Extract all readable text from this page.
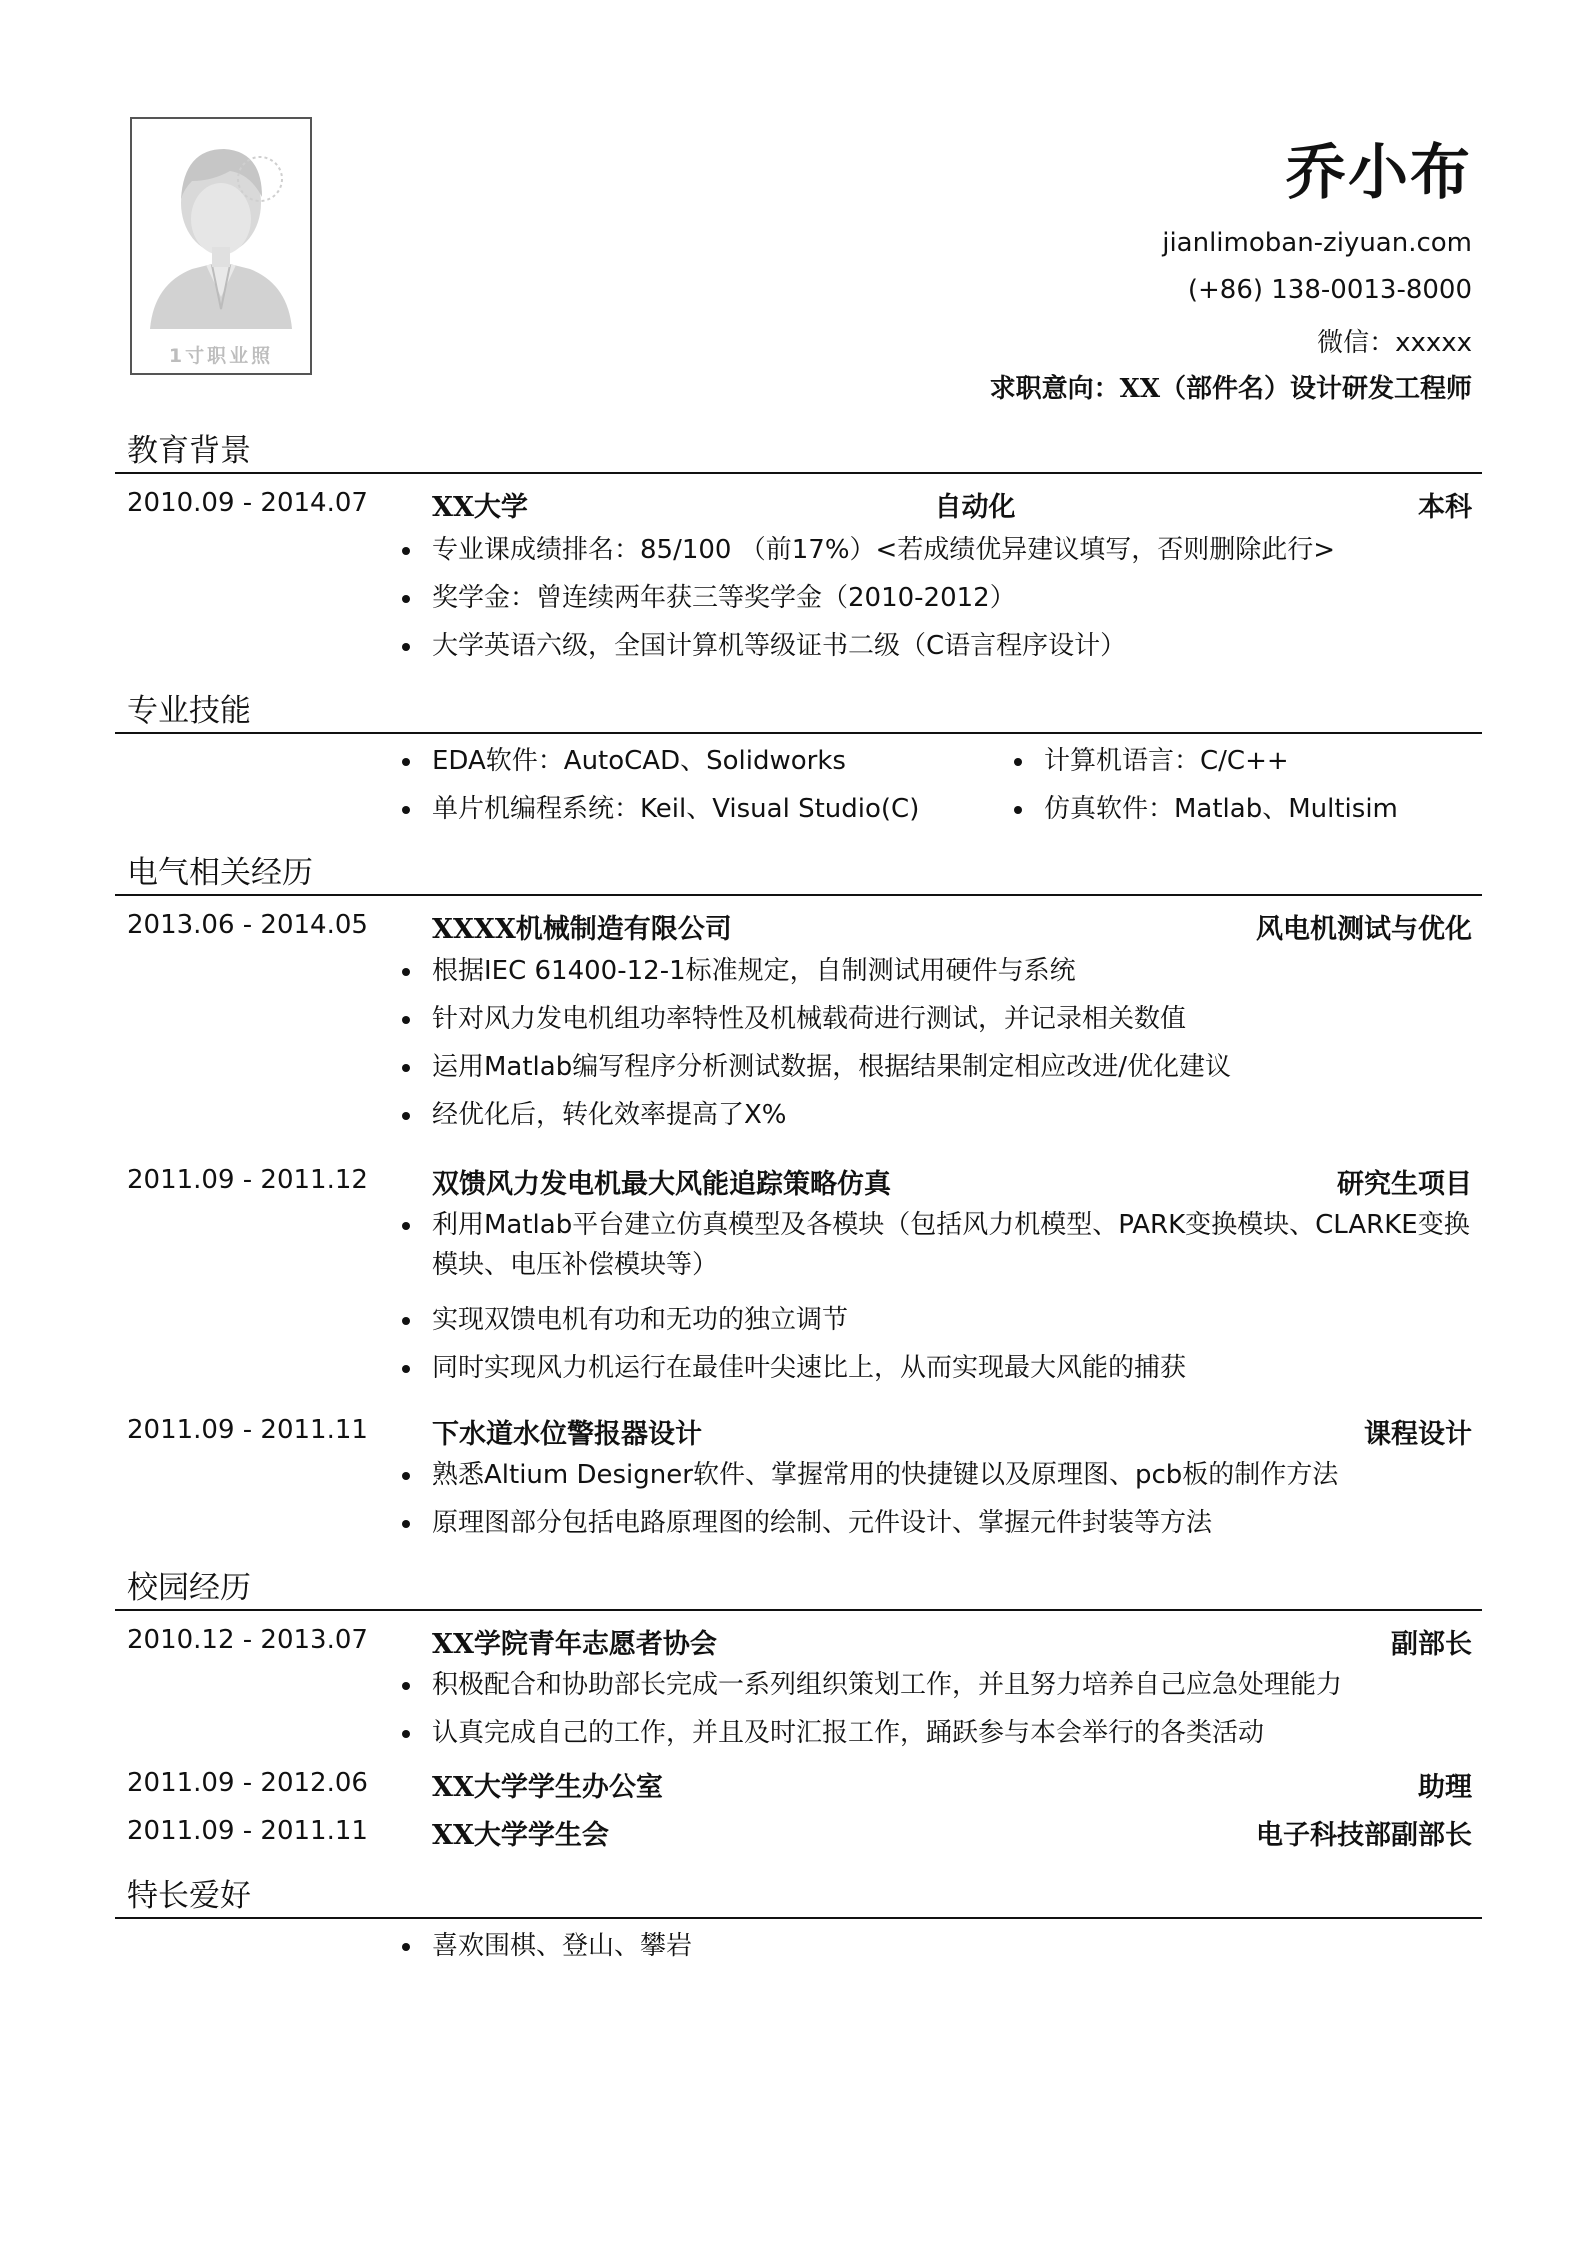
1寸职业照
乔小布
jianlimoban-ziyuan.com
(+86) 138-0013-8000
微信：xxxxx
求职意向：XX（部件名）设计研发工程师
教育背景
2010.09 - 2014.07 XX大学	自动化	本科
专业课成绩排名：85/100 （前17%）<若成绩优异建议填写，否则删除此行>
奖学金：曾连续两年获三等奖学金（2010-2012）
大学英语六级，全国计算机等级证书二级（C语言程序设计）
专业技能
EDA软件：AutoCAD、Solidworks	计算机语言：C/C++
单片机编程系统：Keil、Visual Studio(C)	仿真软件：Matlab、Multisim
电气相关经历
2013.06 - 2014.05 XXXX机械制造有限公司	风电机测试与优化
根据IEC 61400-12-1标准规定，自制测试用硬件与系统
针对风力发电机组功率特性及机械载荷进行测试，并记录相关数值
运用Matlab编写程序分析测试数据，根据结果制定相应改进/优化建议
经优化后，转化效率提高了X%
2011.09 - 2011.12 双馈风力发电机最大风能追踪策略仿真	研究生项目
利用Matlab平台建立仿真模型及各模块（包括风力机模型、PARK变换模块、CLARKE变换模块、电压补偿模块等）
实现双馈电机有功和无功的独立调节
同时实现风力机运行在最佳叶尖速比上，从而实现最大风能的捕获
2011.09 - 2011.11 下水道水位警报器设计	课程设计
熟悉Altium Designer软件、掌握常用的快捷键以及原理图、pcb板的制作方法
原理图部分包括电路原理图的绘制、元件设计、掌握元件封装等方法
校园经历
2010.12 - 2013.07 XX学院青年志愿者协会	副部长
积极配合和协助部长完成一系列组织策划工作，并且努力培养自己应急处理能力
认真完成自己的工作，并且及时汇报工作，踊跃参与本会举行的各类活动
2011.09 - 2012.06 XX大学学生办公室	助理
2011.09 - 2011.11 XX大学学生会	电子科技部副部长
特长爱好
喜欢围棋、登山、攀岩
